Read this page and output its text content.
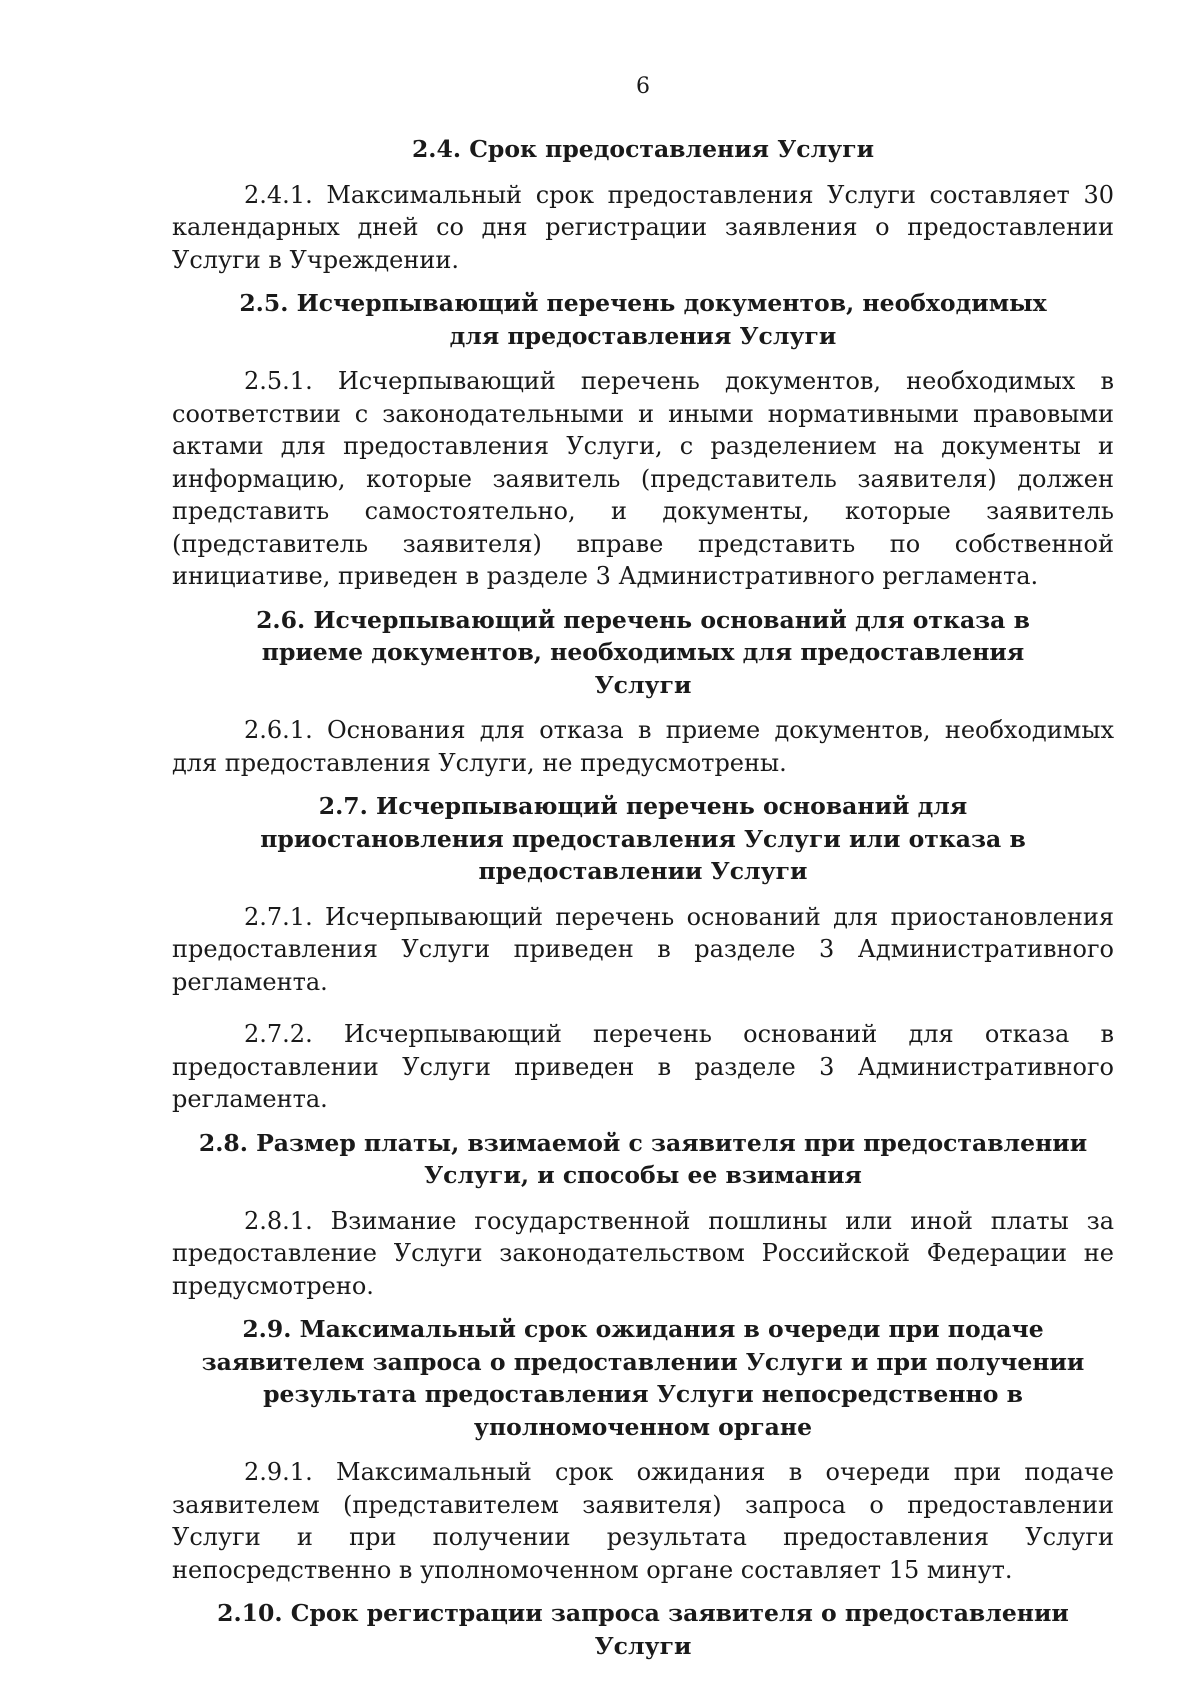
6
2.4. Срок предоставления Услуги

2.4.1. Максимальный срок предоставления Услуги составляет 30 календарных дней со дня регистрации заявления о предоставлении Услуги в Учреждении.

2.5. Исчерпывающий перечень документов, необходимых для предоставления Услуги

2.5.1. Исчерпывающий перечень документов, необходимых в соответствии с законодательными и иными нормативными правовыми актами для предоставления Услуги, с разделением на документы и информацию, которые заявитель (представитель заявителя) должен представить самостоятельно, и документы, которые заявитель (представитель заявителя) вправе представить по собственной инициативе, приведен в разделе 3 Административного регламента.

2.6. Исчерпывающий перечень оснований для отказа в приеме документов, необходимых для предоставления Услуги

2.6.1. Основания для отказа в приеме документов, необходимых для предоставления Услуги, не предусмотрены.

2.7. Исчерпывающий перечень оснований для приостановления предоставления Услуги или отказа в предоставлении Услуги

2.7.1. Исчерпывающий перечень оснований для приостановления предоставления Услуги приведен в разделе 3 Административного регламента.

2.7.2. Исчерпывающий перечень оснований для отказа в предоставлении Услуги приведен в разделе 3 Административного регламента.

2.8. Размер платы, взимаемой с заявителя при предоставлении Услуги, и способы ее взимания

2.8.1. Взимание государственной пошлины или иной платы за предоставление Услуги законодательством Российской Федерации не предусмотрено.

2.9. Максимальный срок ожидания в очереди при подаче заявителем запроса о предоставлении Услуги и при получении результата предоставления Услуги непосредственно в уполномоченном органе

2.9.1. Максимальный срок ожидания в очереди при подаче заявителем (представителем заявителя) запроса о предоставлении Услуги и при получении результата предоставления Услуги непосредственно в уполномоченном органе составляет 15 минут.

2.10. Срок регистрации запроса заявителя о предоставлении Услуги
